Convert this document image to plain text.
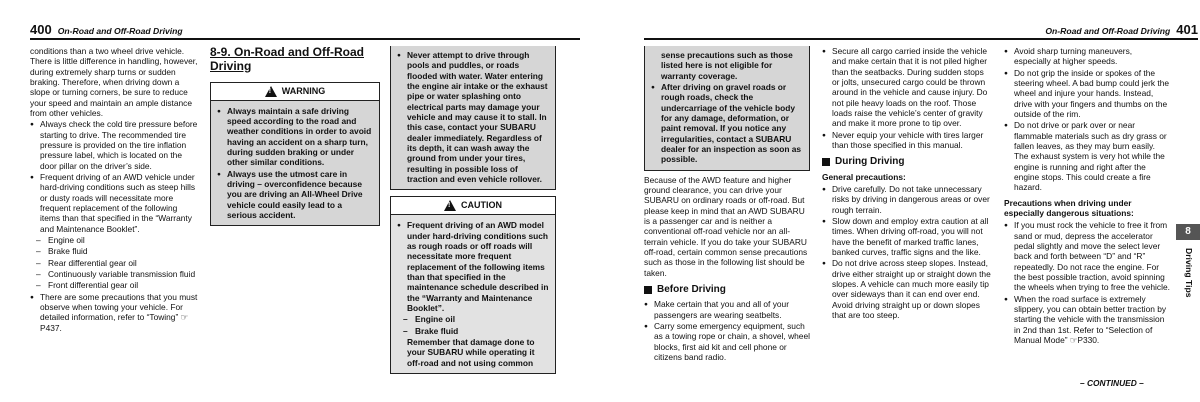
400 On-Road and Off-Road Driving

conditions than a two wheel drive vehicle. There is little difference in handling, however, during extremely sharp turns or sudden braking. Therefore, when driving down a slope or turning corners, be sure to reduce your speed and maintain an ample distance from other vehicles.

● Always check the cold tire pressure before starting to drive. The recommended tire pressure is provided on the tire inflation pressure label, which is located on the door pillar on the driver’s side.
● Frequent driving of an AWD vehicle under hard-driving conditions such as steep hills or dusty roads will necessitate more frequent replacement of the following items than that specified in the “Warranty and Maintenance Booklet”.
– Engine oil
– Brake fluid
– Rear differential gear oil
– Continuously variable transmission fluid
– Front differential gear oil
● There are some precautions that you must observe when towing your vehicle. For detailed information, refer to “Towing” ☞P437.
8-9. On-Road and Off-Road Driving
! WARNING
● Always maintain a safe driving speed according to the road and weather conditions in order to avoid having an accident on a sharp turn, during sudden braking or under other similar conditions.
● Always use the utmost care in driving – overconfidence because you are driving an All-Wheel Drive vehicle could easily lead to a serious accident.
● Never attempt to drive through pools and puddles, or roads flooded with water. Water entering the engine air intake or the exhaust pipe or water splashing onto electrical parts may damage your vehicle and may cause it to stall. In this case, contact your SUBARU dealer immediately. Regardless of its depth, it can wash away the ground from under your tires, resulting in possible loss of traction and even vehicle rollover.
! CAUTION
● Frequent driving of an AWD model under hard-driving conditions such as rough roads or off roads will necessitate more frequent replacement of the following items than that specified in the maintenance schedule described in the “Warranty and Maintenance Booklet”.
– Engine oil
– Brake fluid

Remember that damage done to your SUBARU while operating it off-road and not using common

On-Road and Off-Road Driving 401

sense precautions such as those listed here is not eligible for warranty coverage.

● After driving on gravel roads or rough roads, check the undercarriage of the vehicle body for any damage, deformation, or paint removal. If you notice any irregularities, contact a SUBARU dealer for an inspection as soon as possible.

Because of the AWD feature and higher ground clearance, you can drive your SUBARU on ordinary roads or off-road. But please keep in mind that an AWD SUBARU is a passenger car and is neither a conventional off-road vehicle nor an all-terrain vehicle. If you do take your SUBARU off-road, certain common sense precautions such as those in the following list should be taken.

Before Driving
● Make certain that you and all of your passengers are wearing seatbelts.
● Carry some emergency equipment, such as a towing rope or chain, a shovel, wheel blocks, first aid kit and cell phone or citizens band radio.
● Secure all cargo carried inside the vehicle and make certain that it is not piled higher than the seatbacks. During sudden stops or jolts, unsecured cargo could be thrown around in the vehicle and cause injury. Do not pile heavy loads on the roof. Those loads raise the vehicle’s center of gravity and make it more prone to tip over.
● Never equip your vehicle with tires larger than those specified in this manual.
During Driving
General precautions:
● Drive carefully. Do not take unnecessary risks by driving in dangerous areas or over rough terrain.
● Slow down and employ extra caution at all times. When driving off-road, you will not have the benefit of marked traffic lanes, banked curves, traffic signs and the like.
● Do not drive across steep slopes. Instead, drive either straight up or straight down the slopes. A vehicle can much more easily tip over sideways than it can end over end. Avoid driving straight up or down slopes that are too steep.
● Avoid sharp turning maneuvers, especially at higher speeds.
● Do not grip the inside or spokes of the steering wheel. A bad bump could jerk the wheel and injure your hands. Instead, drive with your fingers and thumbs on the outside of the rim.
● Do not drive or park over or near flammable materials such as dry grass or fallen leaves, as they may burn easily. The exhaust system is very hot while the engine is running and right after the engine stops. This could create a fire hazard.
Precautions when driving under especially dangerous situations:
● If you must rock the vehicle to free it from sand or mud, depress the accelerator pedal slightly and move the select lever back and forth between “D” and “R” repeatedly. Do not race the engine. For the best possible traction, avoid spinning the wheels when trying to free the vehicle.
● When the road surface is extremely slippery, you can obtain better traction by starting the vehicle with the transmission in 2nd than 1st. Refer to “Selection of Manual Mode” ☞P330.
8
Driving Tips
– CONTINUED –
